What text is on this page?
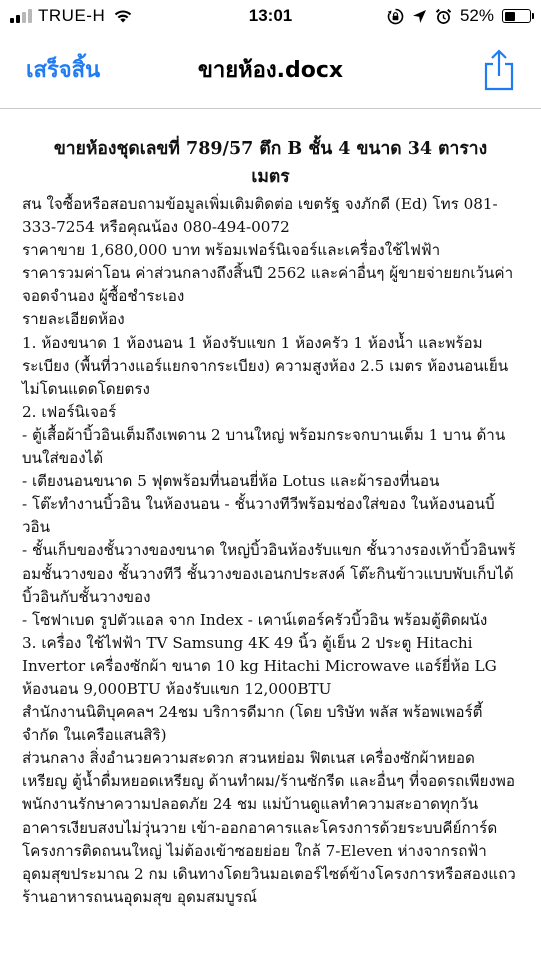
TRUE-H	13:01	52%
เสร็จสิ้น	ขายห้อง.docx
ขายห้องชุดเลขที่ 789/57 ตึก B ชั้น 4 ขนาด 34 ตารางเมตร

สน ใจซื้อหรือสอบถามข้อมูลเพิ่มเติมติดต่อ เขตรัฐ จงภักดี (Ed) โทร 081-333-7254 หรือคุณน้อง 080-494-0072

ราคาขาย 1,680,000 บาท พร้อมเฟอร์นิเจอร์และเครื่องใช้ไฟฟ้า

ราคารวมค่าโอน ค่าส่วนกลางถึงสิ้นปี 2562 และค่าอื่นๆ ผู้ขายจ่ายยกเว้นค่าจอดจำนอง ผู้ซื้อชำระเอง

รายละเอียดห้อง

1. ห้องขนาด 1 ห้องนอน 1 ห้องรับแขก 1 ห้องครัว 1 ห้องน้ำ และพร้อมระเบียง (พื้นที่วางแอร์แยกจากระเบียง) ความสูงห้อง 2.5 เมตร ห้องนอนเย็น ไม่โดนแดดโดยตรง

2. เฟอร์นิเจอร์

- ตู้เสื้อผ้าบิ้วอินเต็มถึงเพดาน 2 บานใหญ่ พร้อมกระจกบานเต็ม 1 บาน ด้านบนใส่ของได้

- เตียงนอนขนาด 5 ฟุตพร้อมที่นอนยี่ห้อ Lotus และผ้ารองที่นอน

- โต๊ะทำงานบิ้วอิน ในห้องนอน - ชั้นวางทีวีพร้อมช่องใส่ของ ในห้องนอนบิ้วอิน

- ชั้นเก็บของชั้นวางของขนาด ใหญ่บิ้วอินห้องรับแขก ชั้นวางรองเท้าบิ้วอินพร้อมชั้นวางของ ชั้นวางทีวี ชั้นวางของเอนกประสงค์ โต๊ะกินข้าวแบบพับเก็บได้ บิ้วอินกับชั้นวางของ

- โซฟาเบด รูปตัวแอล จาก Index - เคาน์เตอร์ครัวบิ้วอิน พร้อมตู้ติดผนัง

3. เครื่อง ใช้ไฟฟ้า TV Samsung 4K 49 นิ้ว ตู้เย็น 2 ประตู Hitachi Invertor เครื่องซักผ้า ขนาด 10 kg Hitachi Microwave แอร์ยี่ห้อ LG ห้องนอน 9,000BTU ห้องรับแขก 12,000BTU

สำนักงานนิติบุคคลฯ 24ชม บริการดีมาก (โดย บริษัท พลัส พร้อพเพอร์ตี้ จำกัด ในเครือแสนสิริ)

ส่วนกลาง สิ่งอำนวยความสะดวก สวนหย่อม ฟิตเนส เครื่องซักผ้าหยอดเหรียญ ตู้น้ำดื่มหยอดเหรียญ ด้านทำผม/ร้านซักรีด และอื่นๆ ที่จอดรถเพียงพอ พนักงานรักษาความปลอดภัย 24 ชม แม่บ้านดูแลทำความสะอาดทุกวัน

อาคารเงียบสงบไม่วุ่นวาย เข้า-ออกอาคารและโครงการด้วยระบบคีย์การ์ด

โครงการติดถนนใหญ่ ไม่ต้องเข้าซอยย่อย ใกล้ 7-Eleven ห่างจากรถฟ้าอุดมสุขประมาณ 2 กม เดินทางโดยวินมอเตอร์ไซด์ข้างโครงการหรือสองแถว

ร้านอาหารถนนอุดมสุข อุดมสมบูรณ์
